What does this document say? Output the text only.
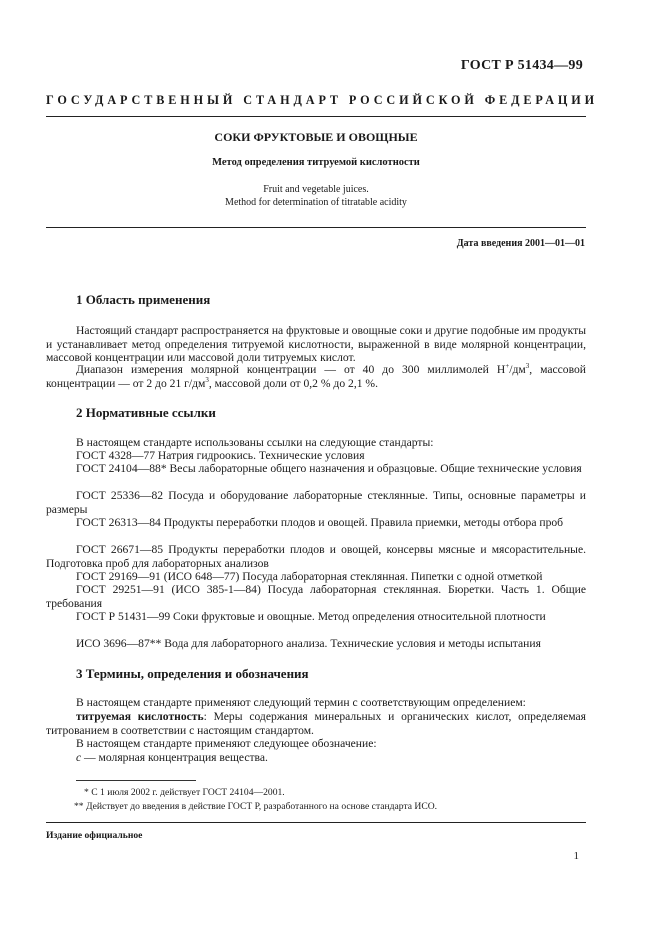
ГОСТ Р 51434—99
ГОСУДАРСТВЕННЫЙ СТАНДАРТ РОССИЙСКОЙ ФЕДЕРАЦИИ
СОКИ ФРУКТОВЫЕ И ОВОЩНЫЕ
Метод определения титруемой кислотности
Fruit and vegetable juices.
Method for determination of titratable acidity
Дата введения 2001—01—01
1 Область применения
Настоящий стандарт распространяется на фруктовые и овощные соки и другие подобные им продукты и устанавливает метод определения титруемой кислотности, выраженной в виде молярной концентрации, массовой концентрации или массовой доли титруемых кислот.
Диапазон измерения молярной концентрации — от 40 до 300 миллимолей $H^+/дм^3$, массовой концентрации — от 2 до 21 $г/дм^3$, массовой доли от 0,2 % до 2,1 %.
2 Нормативные ссылки
В настоящем стандарте использованы ссылки на следующие стандарты:
ГОСТ 4328—77 Натрия гидроокись. Технические условия
ГОСТ 24104—88* Весы лабораторные общего назначения и образцовые. Общие технические условия
ГОСТ 25336—82 Посуда и оборудование лабораторные стеклянные. Типы, основные параметры и размеры
ГОСТ 26313—84 Продукты переработки плодов и овощей. Правила приемки, методы отбора проб
ГОСТ 26671—85 Продукты переработки плодов и овощей, консервы мясные и мясорастительные. Подготовка проб для лабораторных анализов
ГОСТ 29169—91 (ИСО 648—77) Посуда лабораторная стеклянная. Пипетки с одной отметкой
ГОСТ 29251—91 (ИСО 385-1—84) Посуда лабораторная стеклянная. Бюретки. Часть 1. Общие требования
ГОСТ Р 51431—99 Соки фруктовые и овощные. Метод определения относительной плотности
ИСО 3696—87** Вода для лабораторного анализа. Технические условия и методы испытания
3 Термины, определения и обозначения
В настоящем стандарте применяют следующий термин с соответствующим определением:
титруемая кислотность: Меры содержания минеральных и органических кислот, определяемая титрованием в соответствии с настоящим стандартом.
В настоящем стандарте применяют следующее обозначение:
c — молярная концентрация вещества.
* С 1 июля 2002 г. действует ГОСТ 24104—2001.
** Действует до введения в действие ГОСТ Р, разработанного на основе стандарта ИСО.
Издание официальное
1
